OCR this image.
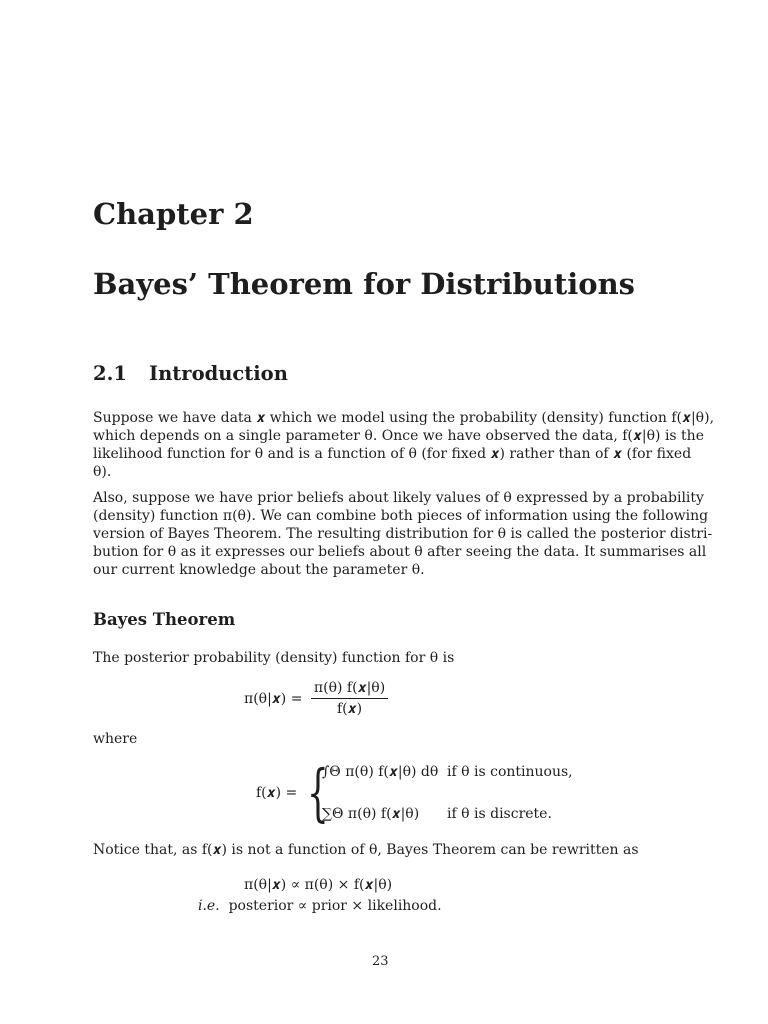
Chapter 2
Bayes’ Theorem for Distributions
2.1 Introduction
Suppose we have data 𝒙 which we model using the probability (density) function f(𝒙|θ),
which depends on a single parameter θ. Once we have observed the data, f(𝒙|θ) is the
likelihood function for θ and is a function of θ (for fixed 𝒙) rather than of 𝒙 (for fixed
θ).
Also, suppose we have prior beliefs about likely values of θ expressed by a probability
(density) function π(θ). We can combine both pieces of information using the following
version of Bayes Theorem. The resulting distribution for θ is called the posterior distri-
bution for θ as it expresses our beliefs about θ after seeing the data. It summarises all
our current knowledge about the parameter θ.
Bayes Theorem
The posterior probability (density) function for θ is
π(θ|𝒙) = $\frac{\text{π(θ) f(𝒙|θ)}}{\text{f(𝒙)}}$
where
f(𝒙) = {
∫Θ π(θ) f(𝒙|θ) dθ if θ is continuous,
∑Θ π(θ) f(𝒙|θ) if θ is discrete.
Notice that, as f(𝒙) is not a function of θ, Bayes Theorem can be rewritten as
π(θ|𝒙) ∝ π(θ) × f(𝒙|θ)
i.e. posterior ∝ prior × likelihood.
23
